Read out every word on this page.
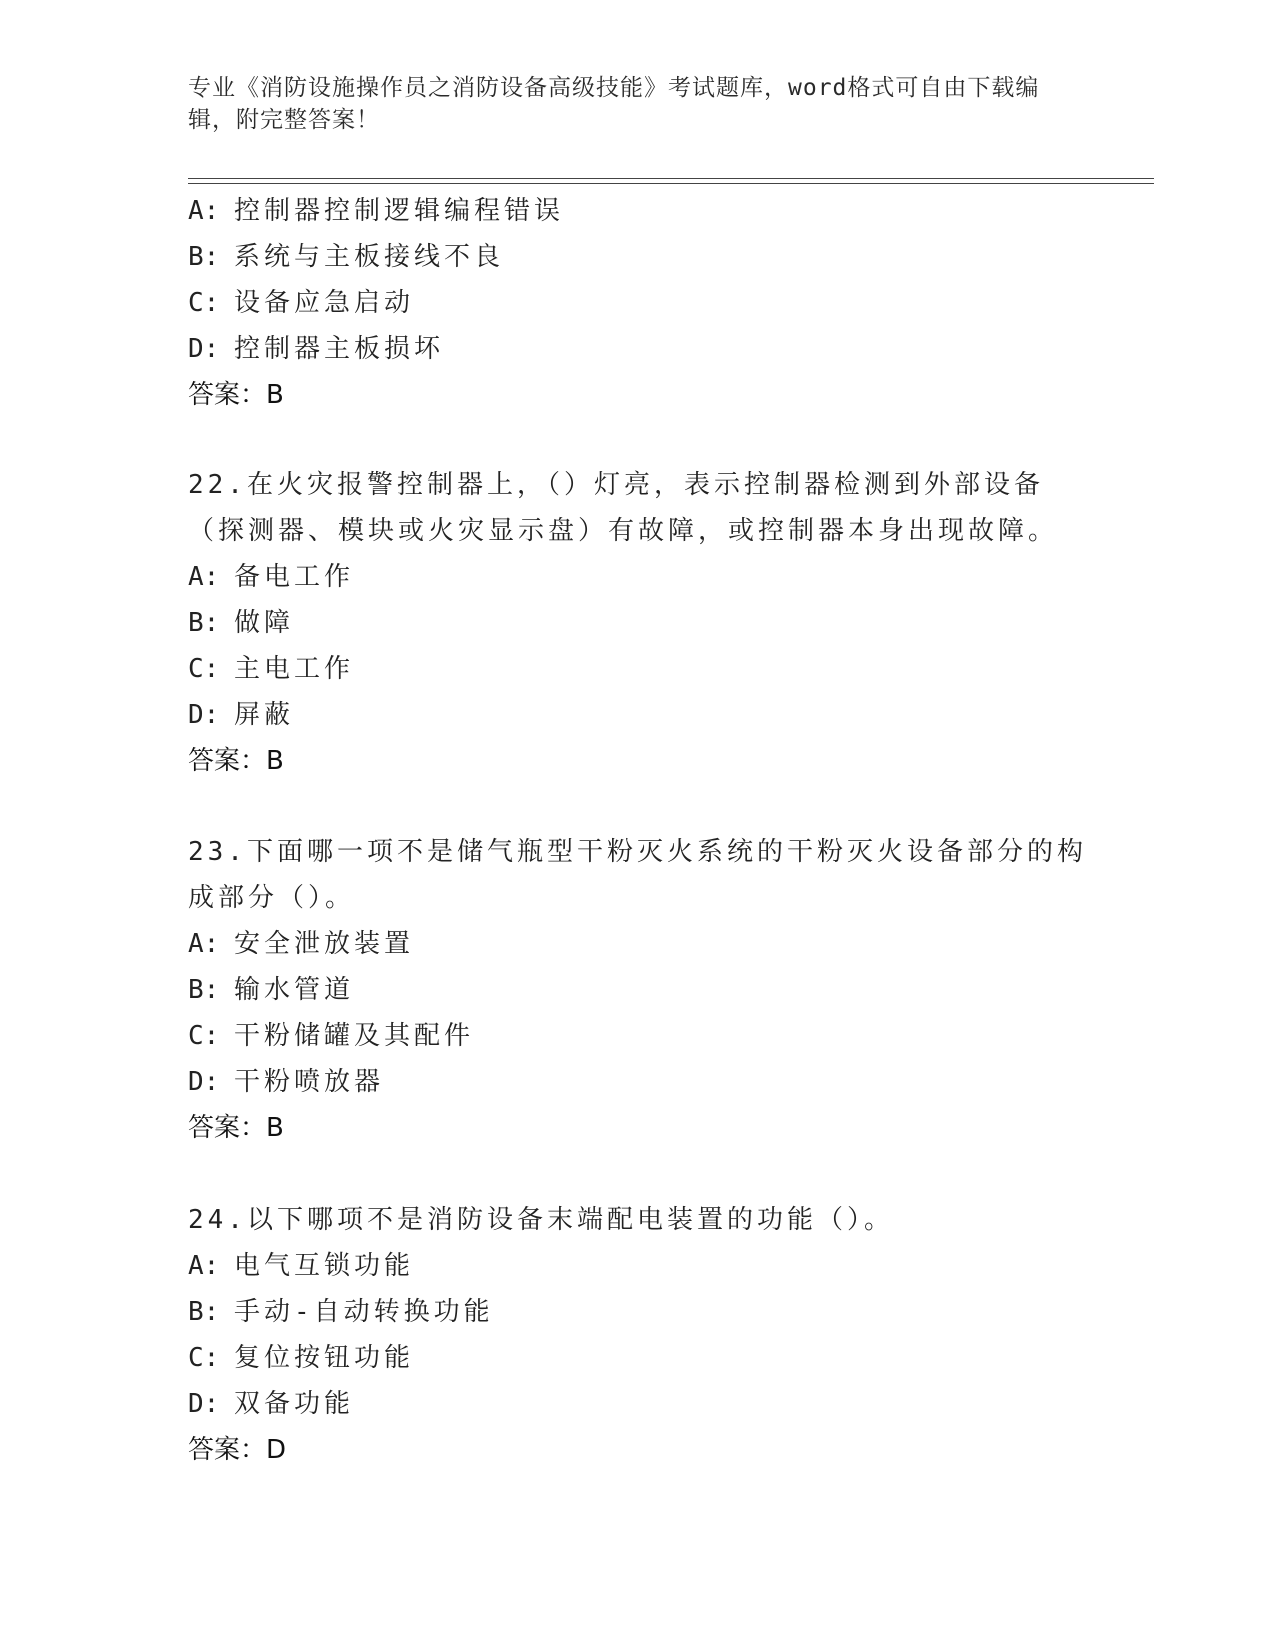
专业《消防设施操作员之消防设备高级技能》考试题库，word格式可自由下载编辑，附完整答案！
A: 控制器控制逻辑编程错误
B: 系统与主板接线不良
C: 设备应急启动
D: 控制器主板损坏
答案：B

22.在火灾报警控制器上，（）灯亮，表示控制器检测到外部设备（探测器、模块或火灾显示盘）有故障，或控制器本身出现故障。

A: 备电工作
B: 做障
C: 主电工作
D: 屏蔽
答案：B

23.下面哪一项不是储气瓶型干粉灭火系统的干粉灭火设备部分的构成部分（）。

A: 安全泄放装置
B: 输水管道
C: 干粉储罐及其配件
D: 干粉喷放器
答案：B

24.以下哪项不是消防设备末端配电装置的功能（）。

A: 电气互锁功能
B: 手动-自动转换功能
C: 复位按钮功能
D: 双备功能
答案：D
